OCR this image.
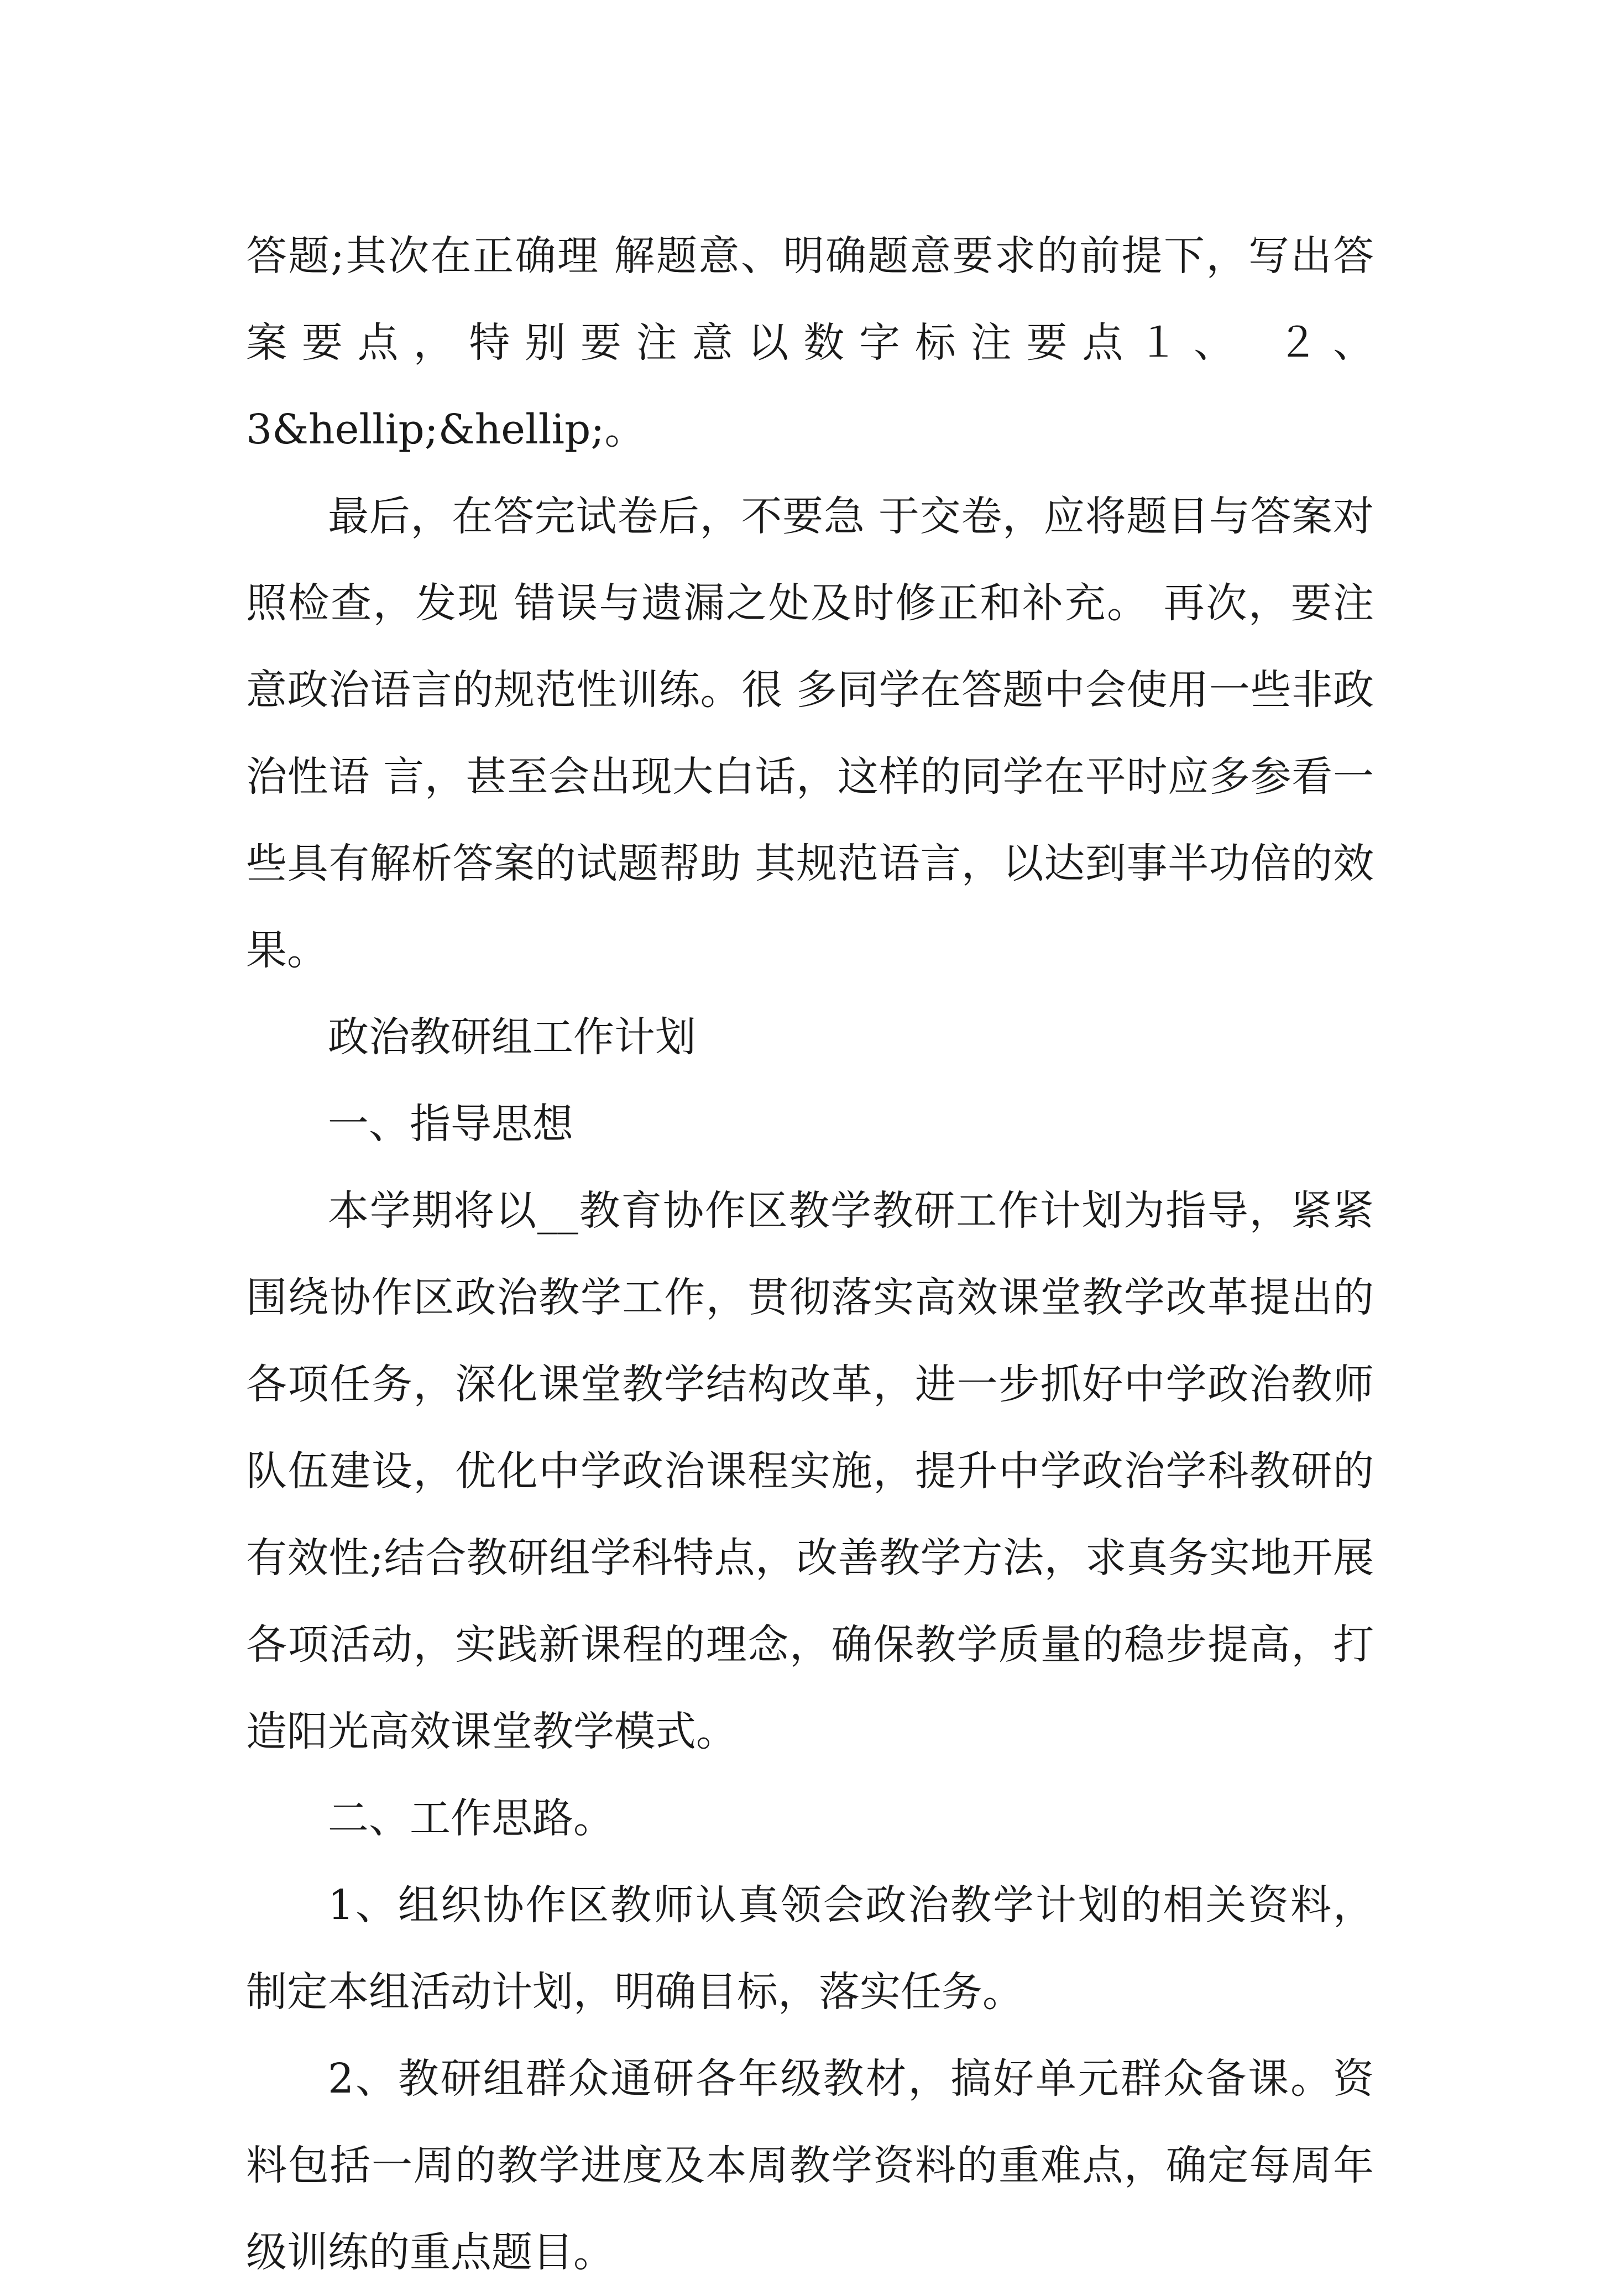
答题;其次在正确理 解题意、明确题意要求的前提下，写出答 案要点，特别要注意以数字标注要点１、 ２、3&hellip;&hellip;。

最后，在答完试卷后，不要急 于交卷，应将题目与答案对照检查，发现 错误与遗漏之处及时修正和补充。 再次，要注意政治语言的规范性训练。很 多同学在答题中会使用一些非政治性语 言，甚至会出现大白话，这样的同学在平时应多参看一些具有解析答案的试题帮助 其规范语言，以达到事半功倍的效果。

政治教研组工作计划

一、指导思想

本学期将以__教育协作区教学教研工作计划为指导，紧紧围绕协作区政治教学工作，贯彻落实高效课堂教学改革提出的各项任务，深化课堂教学结构改革，进一步抓好中学政治教师队伍建设，优化中学政治课程实施，提升中学政治学科教研的有效性;结合教研组学科特点，改善教学方法，求真务实地开展各项活动，实践新课程的理念，确保教学质量的稳步提高，打造阳光高效课堂教学模式。

二、工作思路。

1、组织协作区教师认真领会政治教学计划的相关资料，制定本组活动计划，明确目标，落实任务。

2、教研组群众通研各年级教材，搞好单元群众备课。资料包括一周的教学进度及本周教学资料的重难点，确定每周年级训练的重点题目。
